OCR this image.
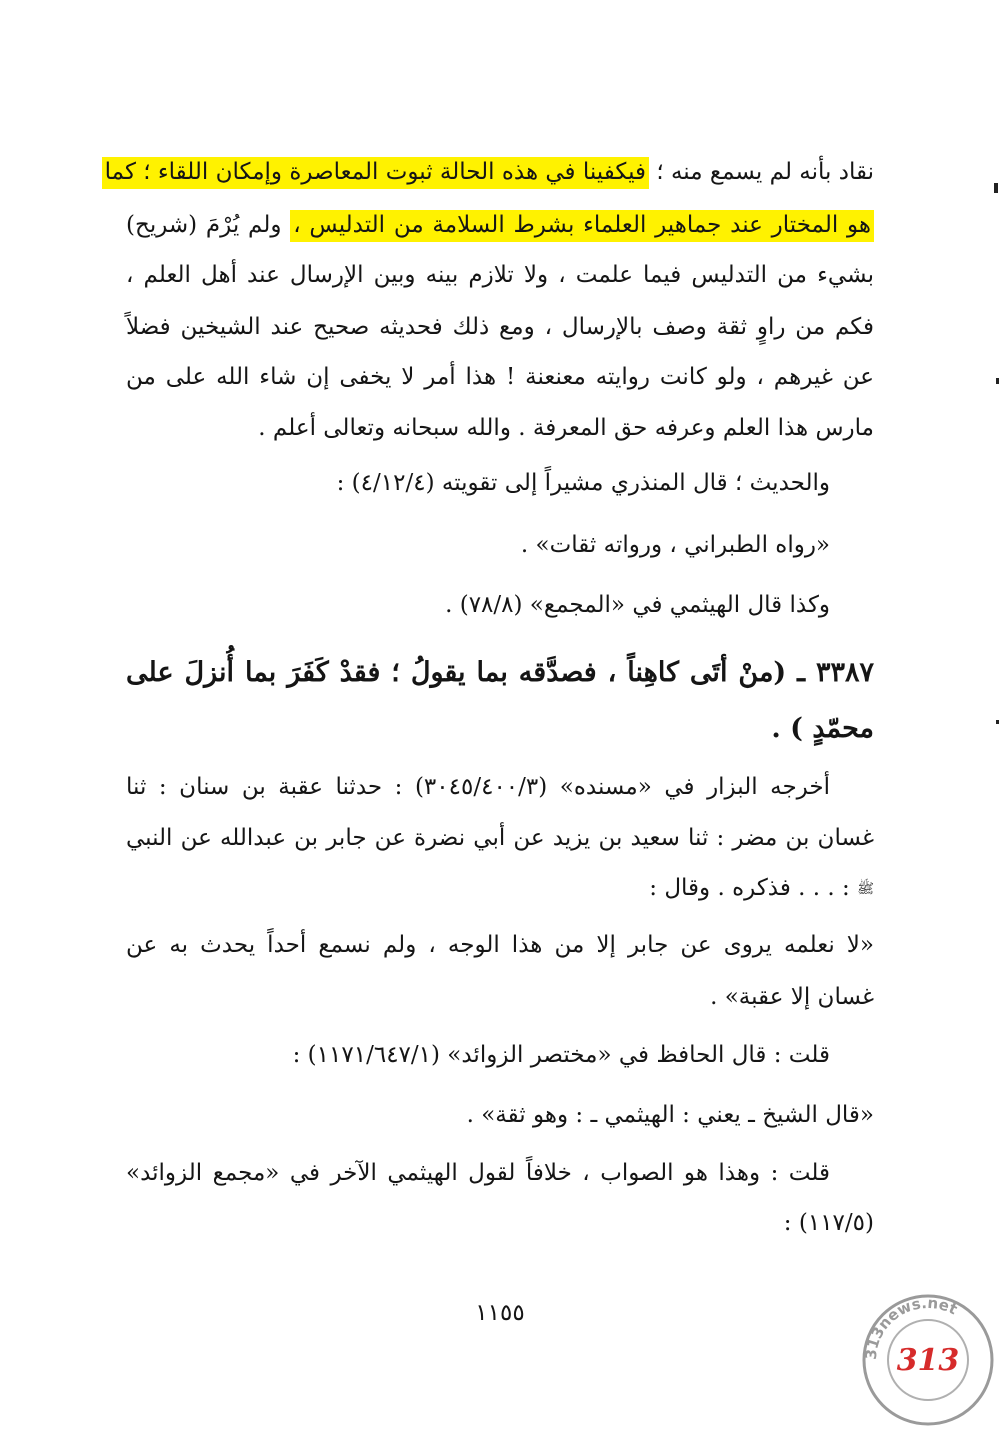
نقاد بأنه لم يسمع منه ؛ فيكفينا في هذه الحالة ثبوت المعاصرة وإمكان اللقاء ؛ كما
هو المختار عند جماهير العلماء بشرط السلامة من التدليس ، ولم يُرْمَ (شريح)
بشيء من التدليس فيما علمت ، ولا تلازم بينه وبين الإرسال عند أهل العلم ،
فكم من راوٍ ثقة وصف بالإرسال ، ومع ذلك فحديثه صحيح عند الشيخين فضلاً
عن غيرهم ، ولو كانت روايته معنعنة ! هذا أمر لا يخفى إن شاء الله على من
مارس هذا العلم وعرفه حق المعرفة . والله سبحانه وتعالى أعلم .
والحديث ؛ قال المنذري مشيراً إلى تقويته (٤/١٢/٤) :
«رواه الطبراني ، ورواته ثقات» .
وكذا قال الهيثمي في «المجمع» (٧٨/٨) .
٣٣٨٧ ـ (منْ أتَى كاهِناً ، فصدَّقه بما يقولُ ؛ فقدْ كَفَرَ بما أُنزلَ على
محمّدٍ ) .
أخرجه البزار في «مسنده» (٣٠٤٥/٤٠٠/٣) : حدثنا عقبة بن سنان : ثنا
غسان بن مضر : ثنا سعيد بن يزيد عن أبي نضرة عن جابر بن عبدالله عن النبي
ﷺ : . . . فذكره . وقال :
«لا نعلمه يروى عن جابر إلا من هذا الوجه ، ولم نسمع أحداً يحدث به عن
غسان إلا عقبة» .
قلت : قال الحافظ في «مختصر الزوائد» (١١٧١/٦٤٧/١) :
«قال الشيخ ـ يعني : الهيثمي ـ : وهو ثقة» .
قلت : وهذا هو الصواب ، خلافاً لقول الهيثمي الآخر في «مجمع الزوائد»
(١١٧/٥) :
١١٥٥
313news.net
313
